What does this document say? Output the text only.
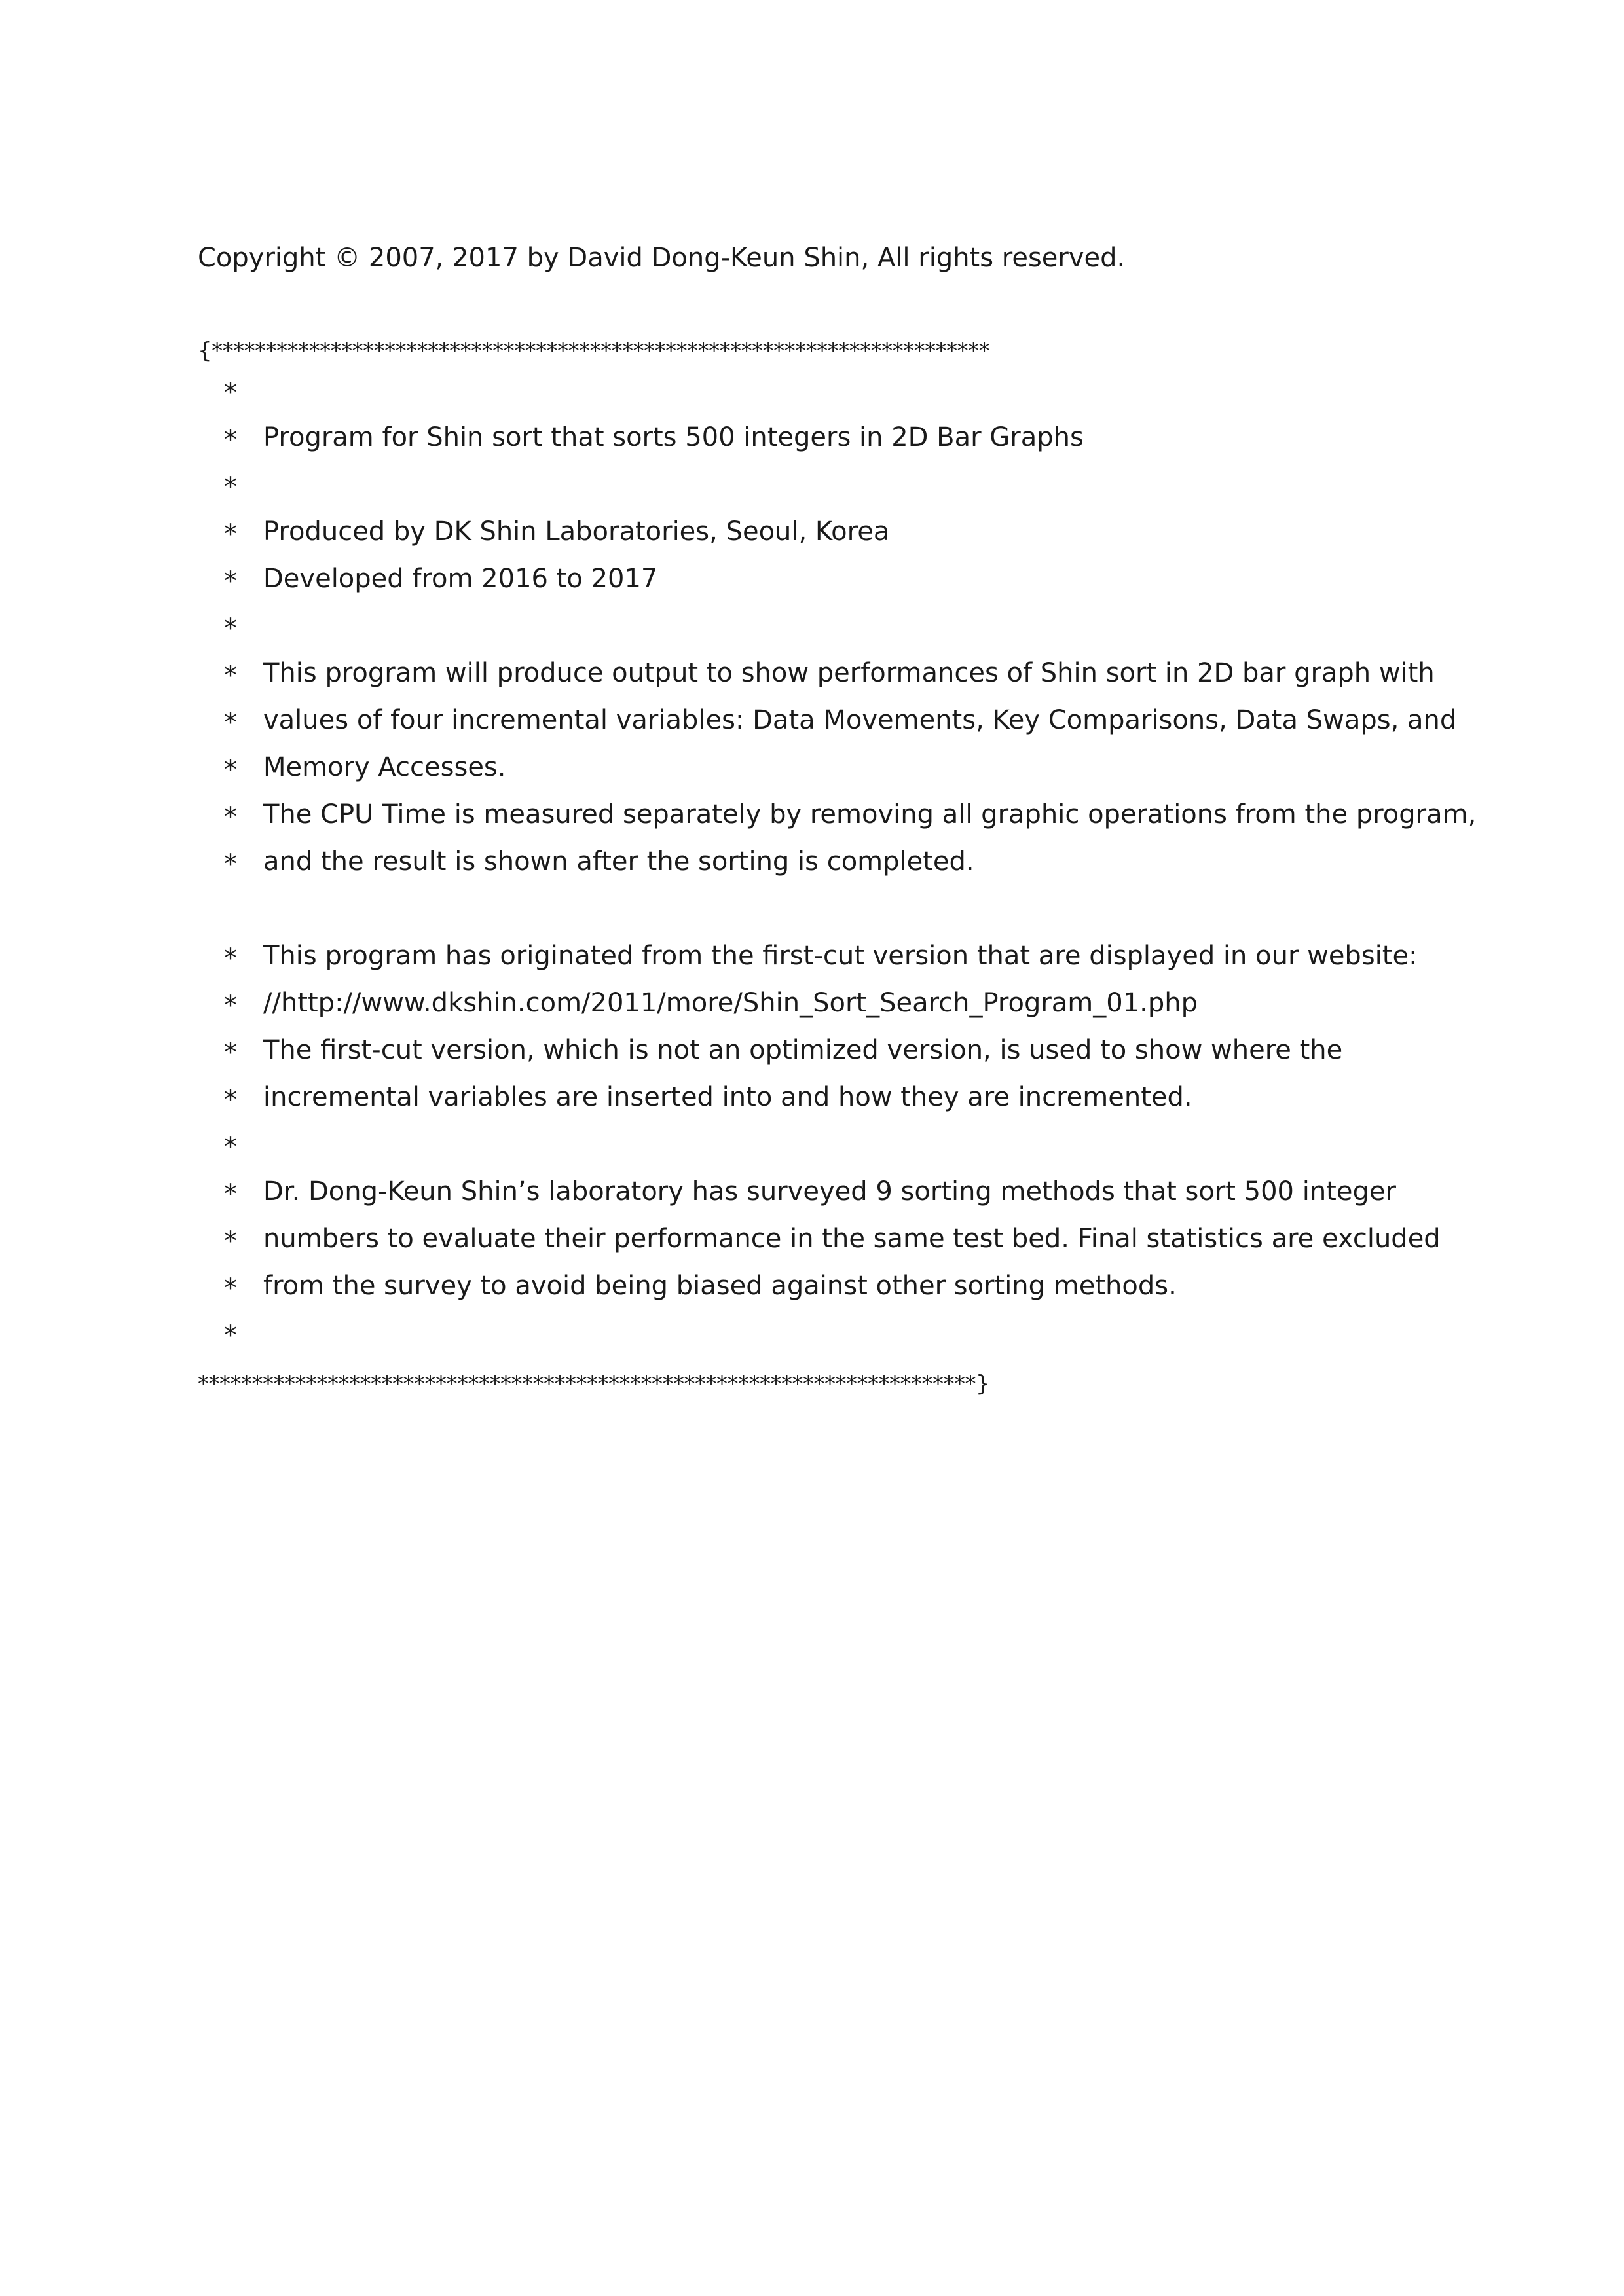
Copyright © 2007, 2017 by David Dong-Keun Shin, All rights reserved.
{************************************************************************

*

*

Program for Shin sort that sorts 500 integers in 2D Bar Graphs

*

*

Produced by DK Shin Laboratories, Seoul, Korea

*

Developed from 2016 to 2017

*

*

This program will produce output to show performances of Shin sort in 2D bar graph with

*

values of four incremental variables: Data Movements, Key Comparisons, Data Swaps, and

*

Memory Accesses.

*

The CPU Time is measured separately by removing all graphic operations from the program,

*

and the result is shown after the sorting is completed.

*

This program has originated from the first-cut version that are displayed in our website:

*

//http://www.dkshin.com/2011/more/Shin_Sort_Search_Program_01.php

*

The first-cut version, which is not an optimized version, is used to show where the

*

incremental variables are inserted into and how they are incremented.

*

*

Dr. Dong-Keun Shin’s laboratory has surveyed 9 sorting methods that sort 500 integer

*

numbers to evaluate their performance in the same test bed. Final statistics are excluded

*

from the survey to avoid being biased against other sorting methods.

*

************************************************************************}
